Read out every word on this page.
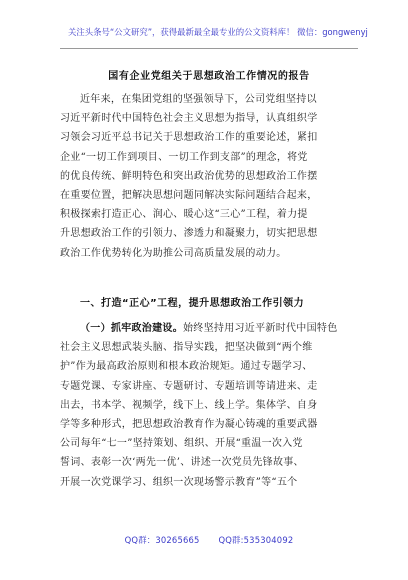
关注头条号“公文研究”，获得最新最全最专业的公文资料库！ 微信：gongwenyj
国有企业党组关于思想政治工作情况的报告
近年来，在集团党组的坚强领导下，公司党组坚持以
习近平新时代中国特色社会主义思想为指导，认真组织学
习领会习近平总书记关于思想政治工作的重要论述，紧扣
企业“一切工作到项目、一切工作到支部”的理念，将党
的优良传统、鲜明特色和突出政治优势的思想政治工作摆
在重要位置，把解决思想问题同解决实际问题结合起来，
积极探索打造正心、润心、暖心这“三心”工程，着力提
升思想政治工作的引领力、渗透力和凝聚力，切实把思想
政治工作优势转化为助推公司高质量发展的动力。
一、打造“正心”工程，提升思想政治工作引领力
（一）抓牢政治建设。始终坚持用习近平新时代中国特色
社会主义思想武装头脑、指导实践，把坚决做到“两个维
护”作为最高政治原则和根本政治规矩。通过专题学习、
专题党课、专家讲座、专题研讨、专题培训等请进来、走
出去，书本学、视频学，线下上、线上学。集体学、自身
学等多种形式，把思想政治教育作为凝心铸魂的重要武器
公司每年“七一”坚持策划、组织、开展“重温一次入党
誓词、表彰一次‘两先一优’、讲述一次党员先锋故事、
开展一次党课学习、组织一次现场警示教育”等“五个
QQ群：30265665 QQ群:535304092
